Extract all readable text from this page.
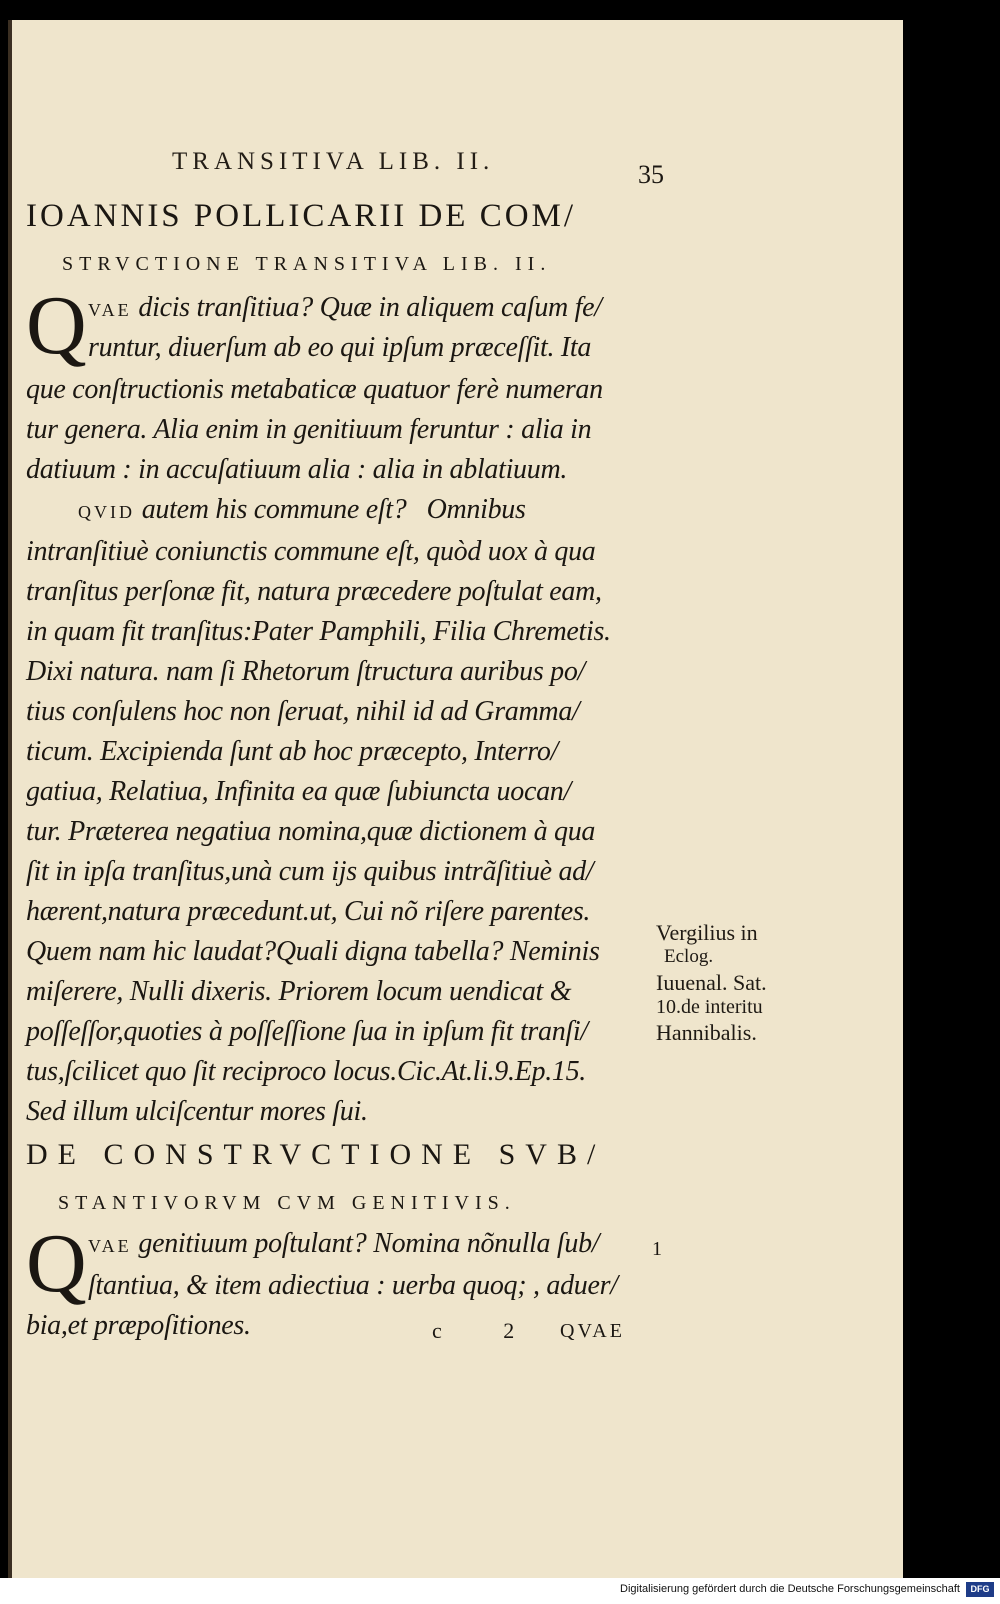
TRANSITIVA LIB. II.	35
IOANNIS POLLICARII DE COM/
STRVCTIONE TRANSITIVA LIB. II.
Q VAE dicis tranſitiua? Quæ in aliquem caſum fe/
runtur, diuerſum ab eo qui ipſum præceſſit. Ita
que conſtructionis metabaticæ quatuor ferè numeran
tur genera. Alia enim in genitiuum feruntur : alia in
datiuum : in accuſatiuum alia : alia in ablatiuum.
QVID autem his commune eſt?   Omnibus
intranſitiuè coniunctis commune eſt, quòd uox à qua
tranſitus perſonæ fit, natura præcedere poſtulat eam,
in quam fit tranſitus:Pater Pamphili, Filia Chremetis.
Dixi natura. nam ſi Rhetorum ſtructura auribus po/
tius conſulens hoc non ſeruat, nihil id ad Gramma/
ticum. Excipienda ſunt ab hoc præcepto, Interro/
gatiua, Relatiua, Infinita ea quæ ſubiuncta uocan/
tur. Præterea negatiua nomina,quæ dictionem à qua
ſit in ipſa tranſitus,unà cum ijs quibus intrãſitiuè ad/
hærent,natura præcedunt.ut, Cui nõ riſere parentes.
Quem nam hic laudat?Quali digna tabella? Neminis
miſerere, Nulli dixeris. Priorem locum uendicat &
poſſeſſor,quoties à poſſeſſione ſua in ipſum fit tranſi/
tus,ſcilicet quo ſit reciproco locus.Cic.At.li.9.Ep.15.
Sed illum ulciſcentur mores ſui.
Vergilius in
Eclog.
Iuuenal. Sat.
10.de interitu
Hannibalis.
DE CONSTRVCTIONE SVB/
STANTIVORVM CVM GENITIVIS.
Q VAE genitiuum poſtulant? Nomina nõnulla ſub/
ſtantiua, & item adiectiua : uerba quoq; , aduer/
bia,et præpoſitiones.
1
c 2 QVAE
Digitalisierung gefördert durch die Deutsche Forschungsgemeinschaft	DFG
